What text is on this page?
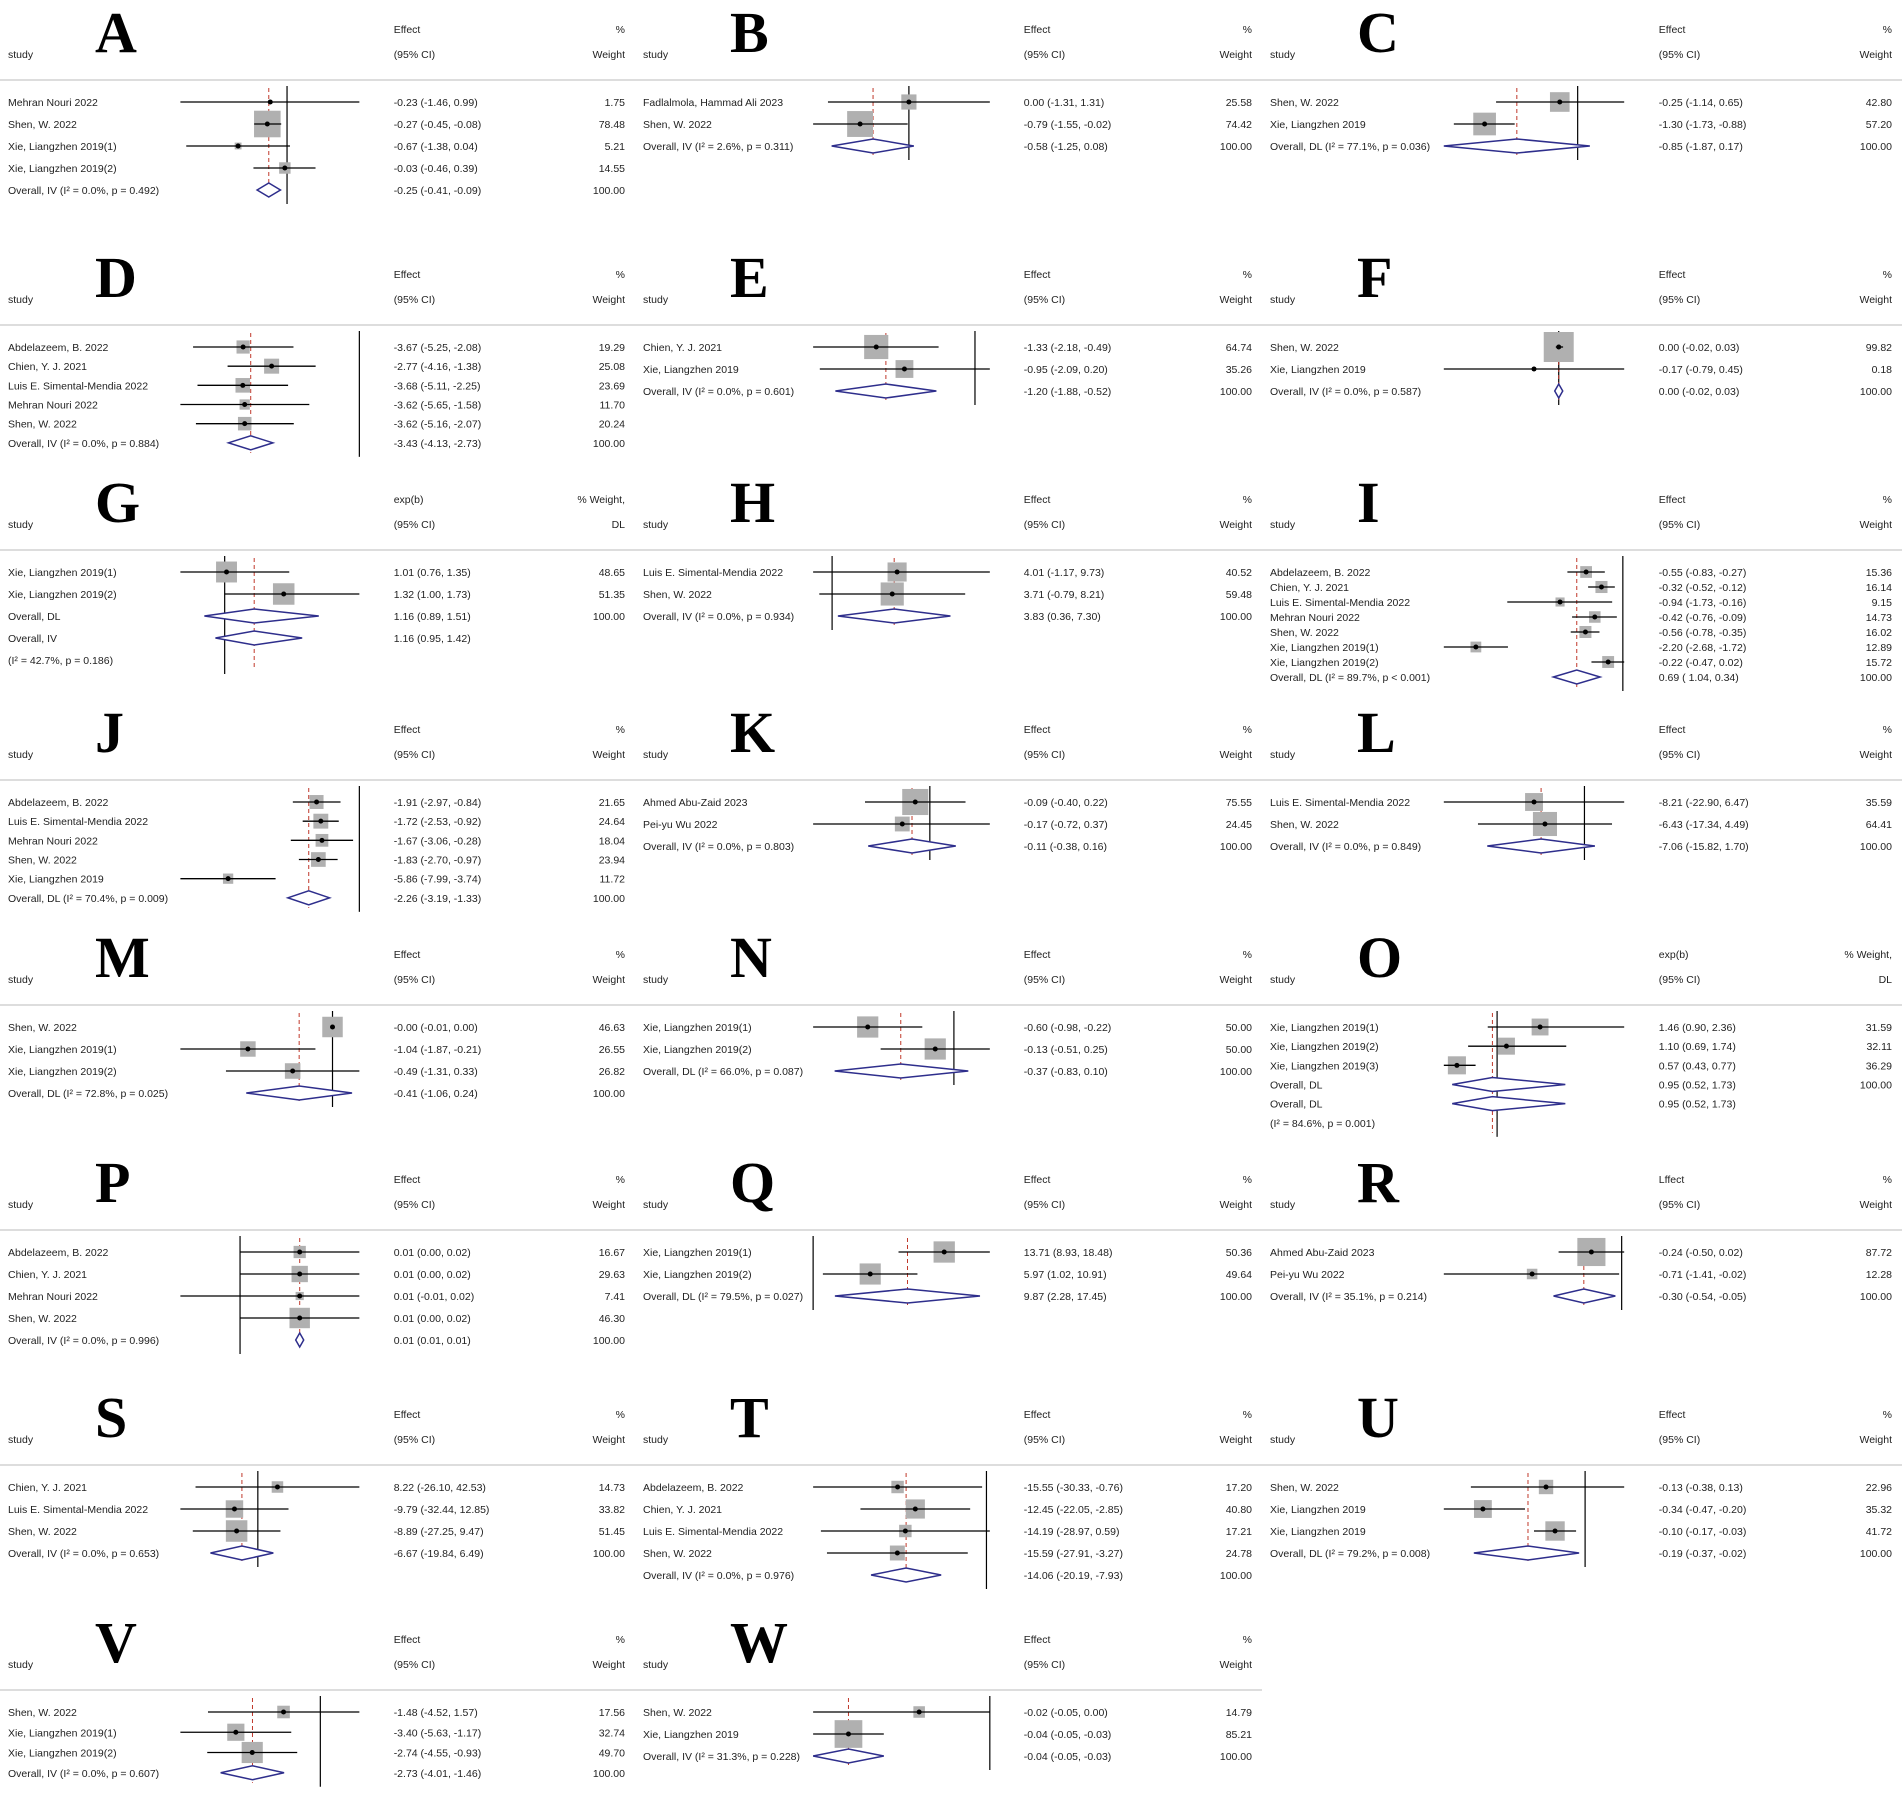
A
study
Effect
(95% CI)
%
Weight
Mehran Nouri 2022	-0.23 (-1.46, 0.99)	1.75
Shen, W. 2022	-0.27 (-0.45, -0.08)	78.48
Xie, Liangzhen 2019(1)	-0.67 (-1.38, 0.04)	5.21
Xie, Liangzhen 2019(2)	-0.03 (-0.46, 0.39)	14.55
Overall, IV (I² = 0.0%, p = 0.492)	-0.25 (-0.41, -0.09)	100.00
B
study
Effect
(95% CI)
%
Weight
Fadlalmola, Hammad Ali 2023	0.00 (-1.31, 1.31)	25.58
Shen, W. 2022	-0.79 (-1.55, -0.02)	74.42
Overall, IV (I² = 2.6%, p = 0.311)	-0.58 (-1.25, 0.08)	100.00
C
study
Effect
(95% CI)
%
Weight
Shen, W. 2022	-0.25 (-1.14, 0.65)	42.80
Xie, Liangzhen 2019	-1.30 (-1.73, -0.88)	57.20
Overall, DL (I² = 77.1%, p = 0.036)	-0.85 (-1.87, 0.17)	100.00
D
study
Effect
(95% CI)
%
Weight
Abdelazeem, B. 2022	-3.67 (-5.25, -2.08)	19.29
Chien, Y. J. 2021	-2.77 (-4.16, -1.38)	25.08
Luis E. Simental-Mendia 2022	-3.68 (-5.11, -2.25)	23.69
Mehran Nouri 2022	-3.62 (-5.65, -1.58)	11.70
Shen, W. 2022	-3.62 (-5.16, -2.07)	20.24
Overall, IV (I² = 0.0%, p = 0.884)	-3.43 (-4.13, -2.73)	100.00
E
study
Effect
(95% CI)
%
Weight
Chien, Y. J. 2021	-1.33 (-2.18, -0.49)	64.74
Xie, Liangzhen 2019	-0.95 (-2.09, 0.20)	35.26
Overall, IV (I² = 0.0%, p = 0.601)	-1.20 (-1.88, -0.52)	100.00
F
study
Effect
(95% CI)
%
Weight
Shen, W. 2022	0.00 (-0.02, 0.03)	99.82
Xie, Liangzhen 2019	-0.17 (-0.79, 0.45)	0.18
Overall, IV (I² = 0.0%, p = 0.587)	0.00 (-0.02, 0.03)	100.00
G
study
exp(b)
(95% CI)
% Weight,
DL
Xie, Liangzhen 2019(1)	1.01 (0.76, 1.35)	48.65
Xie, Liangzhen 2019(2)	1.32 (1.00, 1.73)	51.35
Overall, DL	1.16 (0.89, 1.51)	100.00
Overall, IV	1.16 (0.95, 1.42)
(I² = 42.7%, p = 0.186)
H
study
Effect
(95% CI)
%
Weight
Luis E. Simental-Mendia 2022	4.01 (-1.17, 9.73)	40.52
Shen, W. 2022	3.71 (-0.79, 8.21)	59.48
Overall, IV (I² = 0.0%, p = 0.934)	3.83 (0.36, 7.30)	100.00
I
study
Effect
(95% CI)
%
Weight
Abdelazeem, B. 2022	-0.55 (-0.83, -0.27)	15.36
Chien, Y. J. 2021	-0.32 (-0.52, -0.12)	16.14
Luis E. Simental-Mendia 2022	-0.94 (-1.73, -0.16)	9.15
Mehran Nouri 2022	-0.42 (-0.76, -0.09)	14.73
Shen, W. 2022	-0.56 (-0.78, -0.35)	16.02
Xie, Liangzhen 2019(1)	-2.20 (-2.68, -1.72)	12.89
Xie, Liangzhen 2019(2)	-0.22 (-0.47, 0.02)	15.72
Overall, DL (I² = 89.7%, p < 0.001)	0.69 ( 1.04, 0.34)	100.00
J
study
Effect
(95% CI)
%
Weight
Abdelazeem, B. 2022	-1.91 (-2.97, -0.84)	21.65
Luis E. Simental-Mendia 2022	-1.72 (-2.53, -0.92)	24.64
Mehran Nouri 2022	-1.67 (-3.06, -0.28)	18.04
Shen, W. 2022	-1.83 (-2.70, -0.97)	23.94
Xie, Liangzhen 2019	-5.86 (-7.99, -3.74)	11.72
Overall, DL (I² = 70.4%, p = 0.009)	-2.26 (-3.19, -1.33)	100.00
K
study
Effect
(95% CI)
%
Weight
Ahmed Abu-Zaid 2023	-0.09 (-0.40, 0.22)	75.55
Pei-yu Wu 2022	-0.17 (-0.72, 0.37)	24.45
Overall, IV (I² = 0.0%, p = 0.803)	-0.11 (-0.38, 0.16)	100.00
L
study
Effect
(95% CI)
%
Weight
Luis E. Simental-Mendia 2022	-8.21 (-22.90, 6.47)	35.59
Shen, W. 2022	-6.43 (-17.34, 4.49)	64.41
Overall, IV (I² = 0.0%, p = 0.849)	-7.06 (-15.82, 1.70)	100.00
M
study
Effect
(95% CI)
%
Weight
Shen, W. 2022	-0.00 (-0.01, 0.00)	46.63
Xie, Liangzhen 2019(1)	-1.04 (-1.87, -0.21)	26.55
Xie, Liangzhen 2019(2)	-0.49 (-1.31, 0.33)	26.82
Overall, DL (I² = 72.8%, p = 0.025)	-0.41 (-1.06, 0.24)	100.00
N
study
Effect
(95% CI)
%
Weight
Xie, Liangzhen 2019(1)	-0.60 (-0.98, -0.22)	50.00
Xie, Liangzhen 2019(2)	-0.13 (-0.51, 0.25)	50.00
Overall, DL (I² = 66.0%, p = 0.087)	-0.37 (-0.83, 0.10)	100.00
O
study
exp(b)
(95% CI)
% Weight,
DL
Xie, Liangzhen 2019(1)	1.46 (0.90, 2.36)	31.59
Xie, Liangzhen 2019(2)	1.10 (0.69, 1.74)	32.11
Xie, Liangzhen 2019(3)	0.57 (0.43, 0.77)	36.29
Overall, DL	0.95 (0.52, 1.73)	100.00
Overall, DL	0.95 (0.52, 1.73)
(I² = 84.6%, p = 0.001)
P
study
Effect
(95% CI)
%
Weight
Abdelazeem, B. 2022	0.01 (0.00, 0.02)	16.67
Chien, Y. J. 2021	0.01 (0.00, 0.02)	29.63
Mehran Nouri 2022	0.01 (-0.01, 0.02)	7.41
Shen, W. 2022	0.01 (0.00, 0.02)	46.30
Overall, IV (I² = 0.0%, p = 0.996)	0.01 (0.01, 0.01)	100.00
Q
study
Effect
(95% CI)
%
Weight
Xie, Liangzhen 2019(1)	13.71 (8.93, 18.48)	50.36
Xie, Liangzhen 2019(2)	5.97 (1.02, 10.91)	49.64
Overall, DL (I² = 79.5%, p = 0.027)	9.87 (2.28, 17.45)	100.00
R
study
Lffect
(95% CI)
%
Weight
Ahmed Abu-Zaid 2023	-0.24 (-0.50, 0.02)	87.72
Pei-yu Wu 2022	-0.71 (-1.41, -0.02)	12.28
Overall, IV (I² = 35.1%, p = 0.214)	-0.30 (-0.54, -0.05)	100.00
S
study
Effect
(95% CI)
%
Weight
Chien, Y. J. 2021	8.22 (-26.10, 42.53)	14.73
Luis E. Simental-Mendia 2022	-9.79 (-32.44, 12.85)	33.82
Shen, W. 2022	-8.89 (-27.25, 9.47)	51.45
Overall, IV (I² = 0.0%, p = 0.653)	-6.67 (-19.84, 6.49)	100.00
T
study
Effect
(95% CI)
%
Weight
Abdelazeem, B. 2022	-15.55 (-30.33, -0.76)	17.20
Chien, Y. J. 2021	-12.45 (-22.05, -2.85)	40.80
Luis E. Simental-Mendia 2022	-14.19 (-28.97, 0.59)	17.21
Shen, W. 2022	-15.59 (-27.91, -3.27)	24.78
Overall, IV (I² = 0.0%, p = 0.976)	-14.06 (-20.19, -7.93)	100.00
U
study
Effect
(95% CI)
%
Weight
Shen, W. 2022	-0.13 (-0.38, 0.13)	22.96
Xie, Liangzhen 2019	-0.34 (-0.47, -0.20)	35.32
Xie, Liangzhen 2019	-0.10 (-0.17, -0.03)	41.72
Overall, DL (I² = 79.2%, p = 0.008)	-0.19 (-0.37, -0.02)	100.00
V
study
Effect
(95% CI)
%
Weight
Shen, W. 2022	-1.48 (-4.52, 1.57)	17.56
Xie, Liangzhen 2019(1)	-3.40 (-5.63, -1.17)	32.74
Xie, Liangzhen 2019(2)	-2.74 (-4.55, -0.93)	49.70
Overall, IV (I² = 0.0%, p = 0.607)	-2.73 (-4.01, -1.46)	100.00
W
study
Effect
(95% CI)
%
Weight
Shen, W. 2022	-0.02 (-0.05, 0.00)	14.79
Xie, Liangzhen 2019	-0.04 (-0.05, -0.03)	85.21
Overall, IV (I² = 31.3%, p = 0.228)	-0.04 (-0.05, -0.03)	100.00
